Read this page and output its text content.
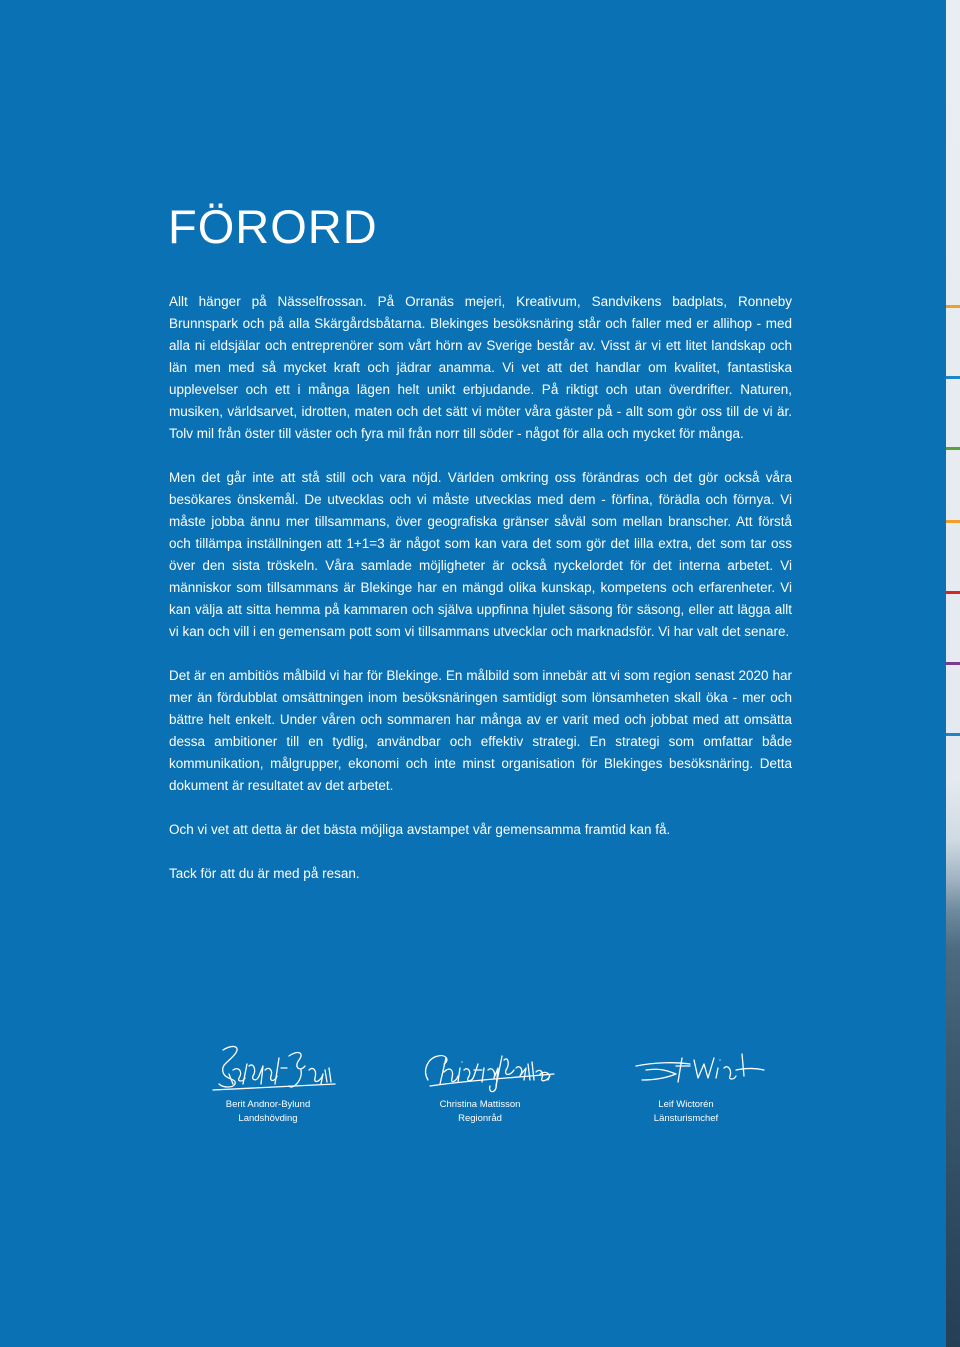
FÖRORD

Allt hänger på Nässelfrossan. På Orranäs mejeri, Kreativum, Sandvikens badplats, Ronneby Brunnspark och på alla Skärgårdsbåtarna. Blekinges besöksnäring står och faller med er allihop - med alla ni eldsjälar och entreprenörer som vårt hörn av Sverige består av. Visst är vi ett litet landskap och län men med så mycket kraft och jädrar anamma. Vi vet att det handlar om kvalitet, fantastiska upplevelser och ett i många lägen helt unikt erbjudande. På riktigt och utan överdrifter. Naturen, musiken, världsarvet, idrotten, maten och det sätt vi möter våra gäster på - allt som gör oss till de vi är. Tolv mil från öster till väster och fyra mil från norr till söder - något för alla och mycket för många.

Men det går inte att stå still och vara nöjd. Världen omkring oss förändras och det gör också våra besökares önskemål. De utvecklas och vi måste utvecklas med dem - förfina, förädla och förnya. Vi måste jobba ännu mer tillsammans, över geografiska gränser såväl som mellan branscher. Att förstå och tillämpa inställningen att 1+1=3 är något som kan vara det som gör det lilla extra, det som tar oss över den sista tröskeln. Våra samlade möjligheter är också nyckelordet för det interna arbetet. Vi människor som tillsammans är Blekinge har en mängd olika kunskap, kompetens och erfarenheter. Vi kan välja att sitta hemma på kammaren och själva uppfinna hjulet säsong för säsong, eller att lägga allt vi kan och vill i en gemensam pott som vi tillsammans utvecklar och marknadsför. Vi har valt det senare.

Det är en ambitiös målbild vi har för Blekinge. En målbild som innebär att vi som region senast 2020 har mer än fördubblat omsättningen inom besöksnäringen samtidigt som lönsamheten skall öka - mer och bättre helt enkelt. Under våren och sommaren har många av er varit med och jobbat med att omsätta dessa ambitioner till en tydlig, användbar och effektiv strategi. En strategi som omfattar både kommunikation, målgrupper, ekonomi och inte minst organisation för Blekinges besöksnäring. Detta dokument är resultatet av det arbetet.

Och vi vet att detta är det bästa möjliga avstampet vår gemensamma framtid kan få.

Tack för att du är med på resan.

Berit Andnor-Bylund
Landshövding
Christina Mattisson
Regionråd
Leif Wictorén
Länsturismchef
